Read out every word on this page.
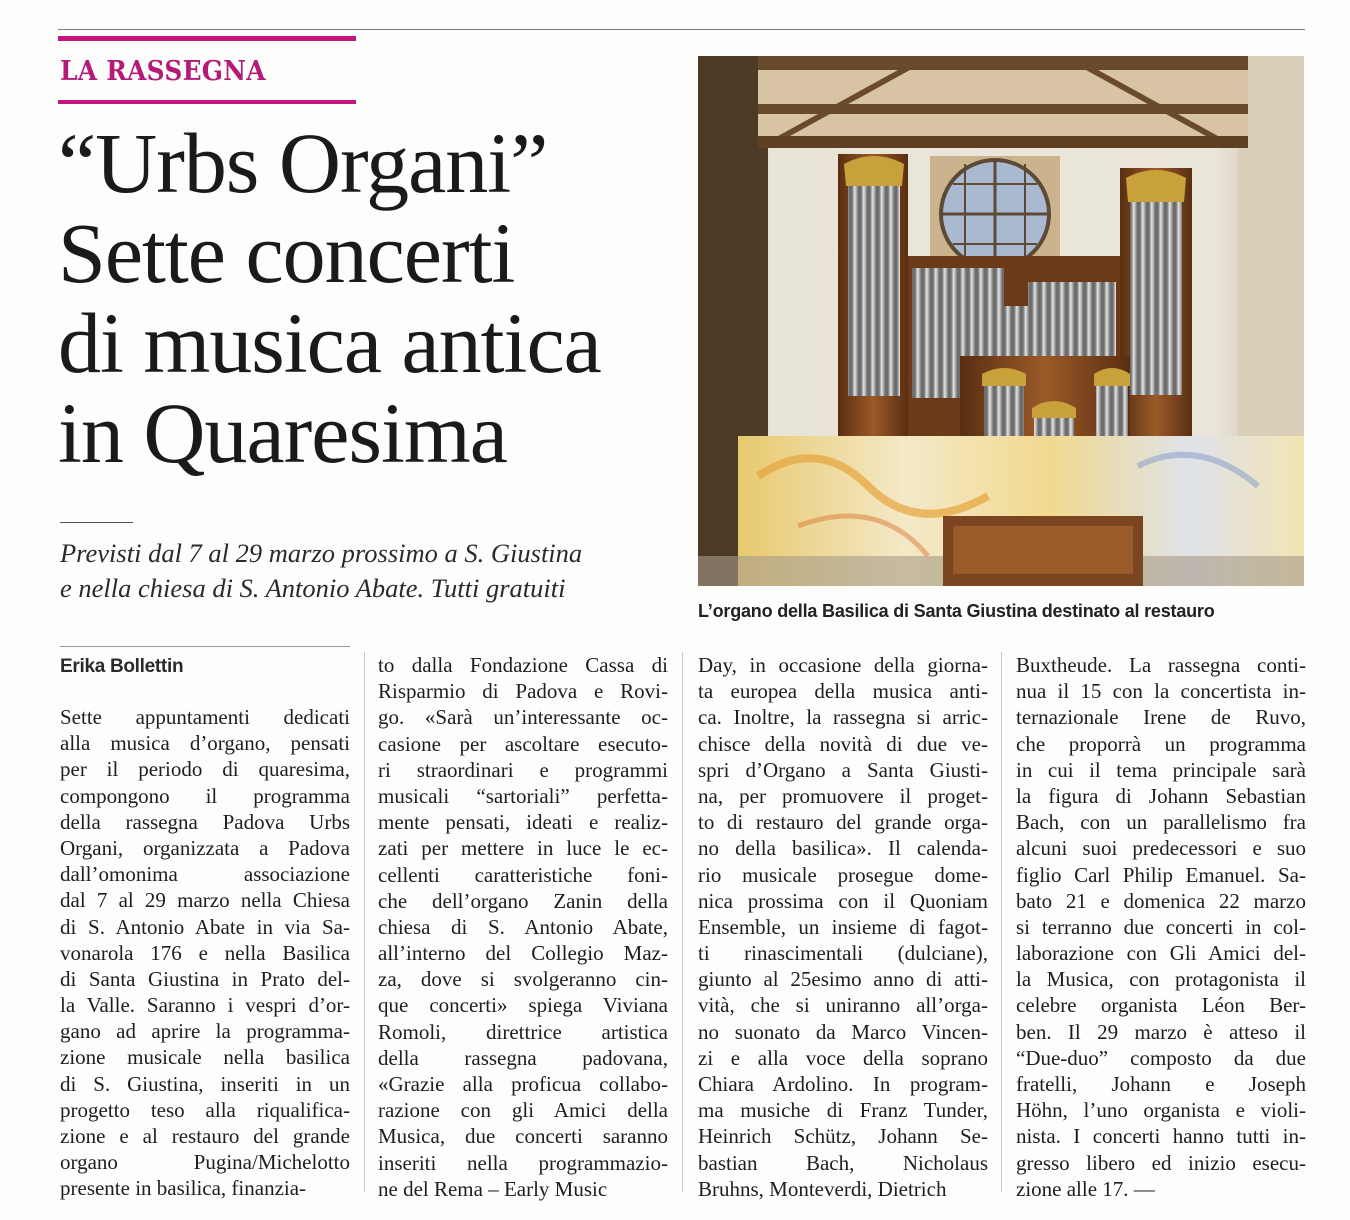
LA RASSEGNA
“Urbs Organi”
Sette concerti
di musica antica
in Quaresima
Previsti dal 7 al 29 marzo prossimo a S. Giustina
e nella chiesa di S. Antonio Abate. Tutti gratuiti
L’organo della Basilica di Santa Giustina destinato al restauro
Erika Bollettin
Sette appuntamenti dedicati
alla musica d’organo, pensati
per il periodo di quaresima,
compongono il programma
della rassegna Padova Urbs
Organi, organizzata a Padova
dall’omonima associazione
dal 7 al 29 marzo nella Chiesa
di S. Antonio Abate in via Sa-
vonarola 176 e nella Basilica
di Santa Giustina in Prato del-
la Valle. Saranno i vespri d’or-
gano ad aprire la programma-
zione musicale nella basilica
di S. Giustina, inseriti in un
progetto teso alla riqualifica-
zione e al restauro del grande
organo Pugina/Michelotto
presente in basilica, finanzia-
to dalla Fondazione Cassa di
Risparmio di Padova e Rovi-
go. «Sarà un’interessante oc-
casione per ascoltare esecuto-
ri straordinari e programmi
musicali “sartoriali” perfetta-
mente pensati, ideati e realiz-
zati per mettere in luce le ec-
cellenti caratteristiche foni-
che dell’organo Zanin della
chiesa di S. Antonio Abate,
all’interno del Collegio Maz-
za, dove si svolgeranno cin-
que concerti» spiega Viviana
Romoli, direttrice artistica
della rassegna padovana,
«Grazie alla proficua collabo-
razione con gli Amici della
Musica, due concerti saranno
inseriti nella programmazio-
ne del Rema – Early Music
Day, in occasione della giorna-
ta europea della musica anti-
ca. Inoltre, la rassegna si arric-
chisce della novità di due ve-
spri d’Organo a Santa Giusti-
na, per promuovere il proget-
to di restauro del grande orga-
no della basilica». Il calenda-
rio musicale prosegue dome-
nica prossima con il Quoniam
Ensemble, un insieme di fagot-
ti rinascimentali (dulciane),
giunto al 25esimo anno di atti-
vità, che si uniranno all’orga-
no suonato da Marco Vincen-
zi e alla voce della soprano
Chiara Ardolino. In program-
ma musiche di Franz Tunder,
Heinrich Schütz, Johann Se-
bastian Bach, Nicholaus
Bruhns, Monteverdi, Dietrich
Buxtheude. La rassegna conti-
nua il 15 con la concertista in-
ternazionale Irene de Ruvo,
che proporrà un programma
in cui il tema principale sarà
la figura di Johann Sebastian
Bach, con un parallelismo fra
alcuni suoi predecessori e suo
figlio Carl Philip Emanuel. Sa-
bato 21 e domenica 22 marzo
si terranno due concerti in col-
laborazione con Gli Amici del-
la Musica, con protagonista il
celebre organista Léon Ber-
ben. Il 29 marzo è atteso il
“Due-duo” composto da due
fratelli, Johann e Joseph
Höhn, l’uno organista e violi-
nista. I concerti hanno tutti in-
gresso libero ed inizio esecu-
zione alle 17. —
